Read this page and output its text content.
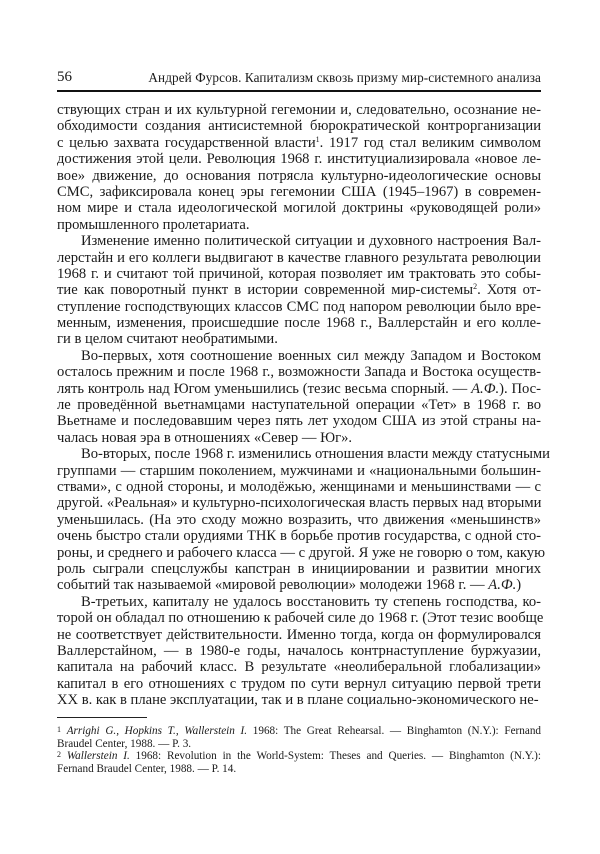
56	Андрей Фурсов. Капитализм сквозь призму мир-системного анализа
ствующих стран и их культурной гегемонии и, следовательно, осознание не-
обходимости создания антисистемной бюрократической контрорганизации
с целью захвата государственной власти$^1$. 1917 год стал великим символом
достижения этой цели. Революция 1968 г. институциализировала «новое ле-
вое» движение, до основания потрясла культурно-идеологические основы
СМС, зафиксировала конец эры гегемонии США (1945–1967) в современ-
ном мире и стала идеологической могилой доктрины «руководящей роли»
промышленного пролетариата.
Изменение именно политической ситуации и духовного настроения Вал-
лерстайн и его коллеги выдвигают в качестве главного результата революции
1968 г. и считают той причиной, которая позволяет им трактовать это собы-
тие как поворотный пункт в истории современной мир-системы$^2$. Хотя от-
ступление господствующих классов СМС под напором революции было вре-
менным, изменения, происшедшие после 1968 г., Валлерстайн и его колле-
ги в целом считают необратимыми.
Во-первых, хотя соотношение военных сил между Западом и Востоком
осталось прежним и после 1968 г., возможности Запада и Востока осуществ-
лять контроль над Югом уменьшились (тезис весьма спорный. — А.Ф.). Пос-
ле проведённой вьетнамцами наступательной операции «Тет» в 1968 г. во
Вьетнаме и последовавшим через пять лет уходом США из этой страны на-
чалась новая эра в отношениях «Север — Юг».
Во-вторых, после 1968 г. изменились отношения власти между статусными
группами — старшим поколением, мужчинами и «национальными большин-
ствами», с одной стороны, и молодёжью, женщинами и меньшинствами — с
другой. «Реальная» и культурно-психологическая власть первых над вторыми
уменьшилась. (На это сходу можно возразить, что движения «меньшинств»
очень быстро стали орудиями ТНК в борьбе против государства, с одной сто-
роны, и среднего и рабочего класса — с другой. Я уже не говорю о том, какую
роль сыграли спецслужбы капстран в инициировании и развитии многих
событий так называемой «мировой революции» молодежи 1968 г. — А.Ф.)
В-третьих, капиталу не удалось восстановить ту степень господства, ко-
торой он обладал по отношению к рабочей силе до 1968 г. (Этот тезис вообще
не соответствует действительности. Именно тогда, когда он формулировался
Валлерстайном, — в 1980-е годы, началось контрнаступление буржуазии,
капитала на рабочий класс. В результате «неолиберальной глобализации»
капитал в его отношениях с трудом по сути вернул ситуацию первой трети
XX в. как в плане эксплуатации, так и в плане социально-экономического не-
$^1$ Arrighi G., Hopkins T., Wallerstein I. 1968: The Great Rehearsal. — Binghamton (N.Y.): Fernand
Braudel Center, 1988. — P. 3.
$^2$ Wallerstein I. 1968: Revolution in the World-System: Theses and Queries. — Binghamton (N.Y.):
Fernand Braudel Center, 1988. — P. 14.
